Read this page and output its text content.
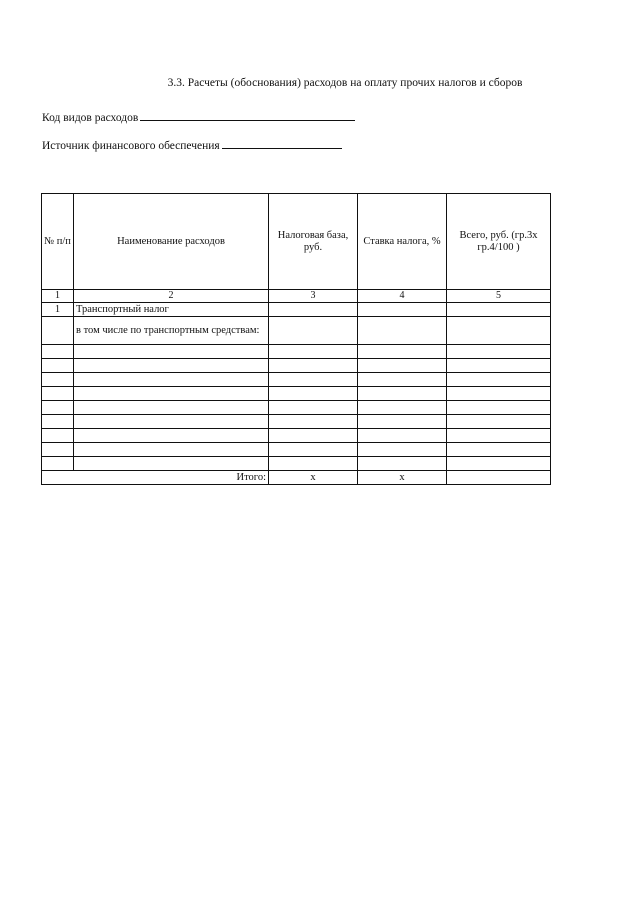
3.3. Расчеты (обоснования) расходов на оплату прочих налогов и сборов
Код видов расходов
Источник финансового обеспечения
№ п/п	Наименование расходов	Налоговая база, руб.	Ставка налога, %	Всего, руб. (гр.3х гр.4/100 )
1	2	3	4	5
1	Транспортный налог			

	в том числе по транспортным средствам:			

Итого:		х	х	
